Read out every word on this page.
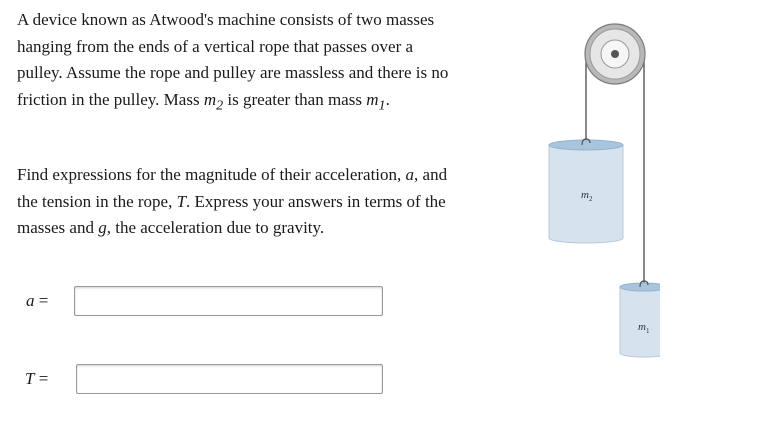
A device known as Atwood's machine consists of two masses hanging from the ends of a vertical rope that passes over a pulley. Assume the rope and pulley are massless and there is no friction in the pulley. Mass $m_2$ is greater than mass $m_1$.

Find expressions for the magnitude of their acceleration, a, and the tension in the rope, T. Express your answers in terms of the masses and g, the acceleration due to gravity.

a =
T =
$m_2$
$m_1$
